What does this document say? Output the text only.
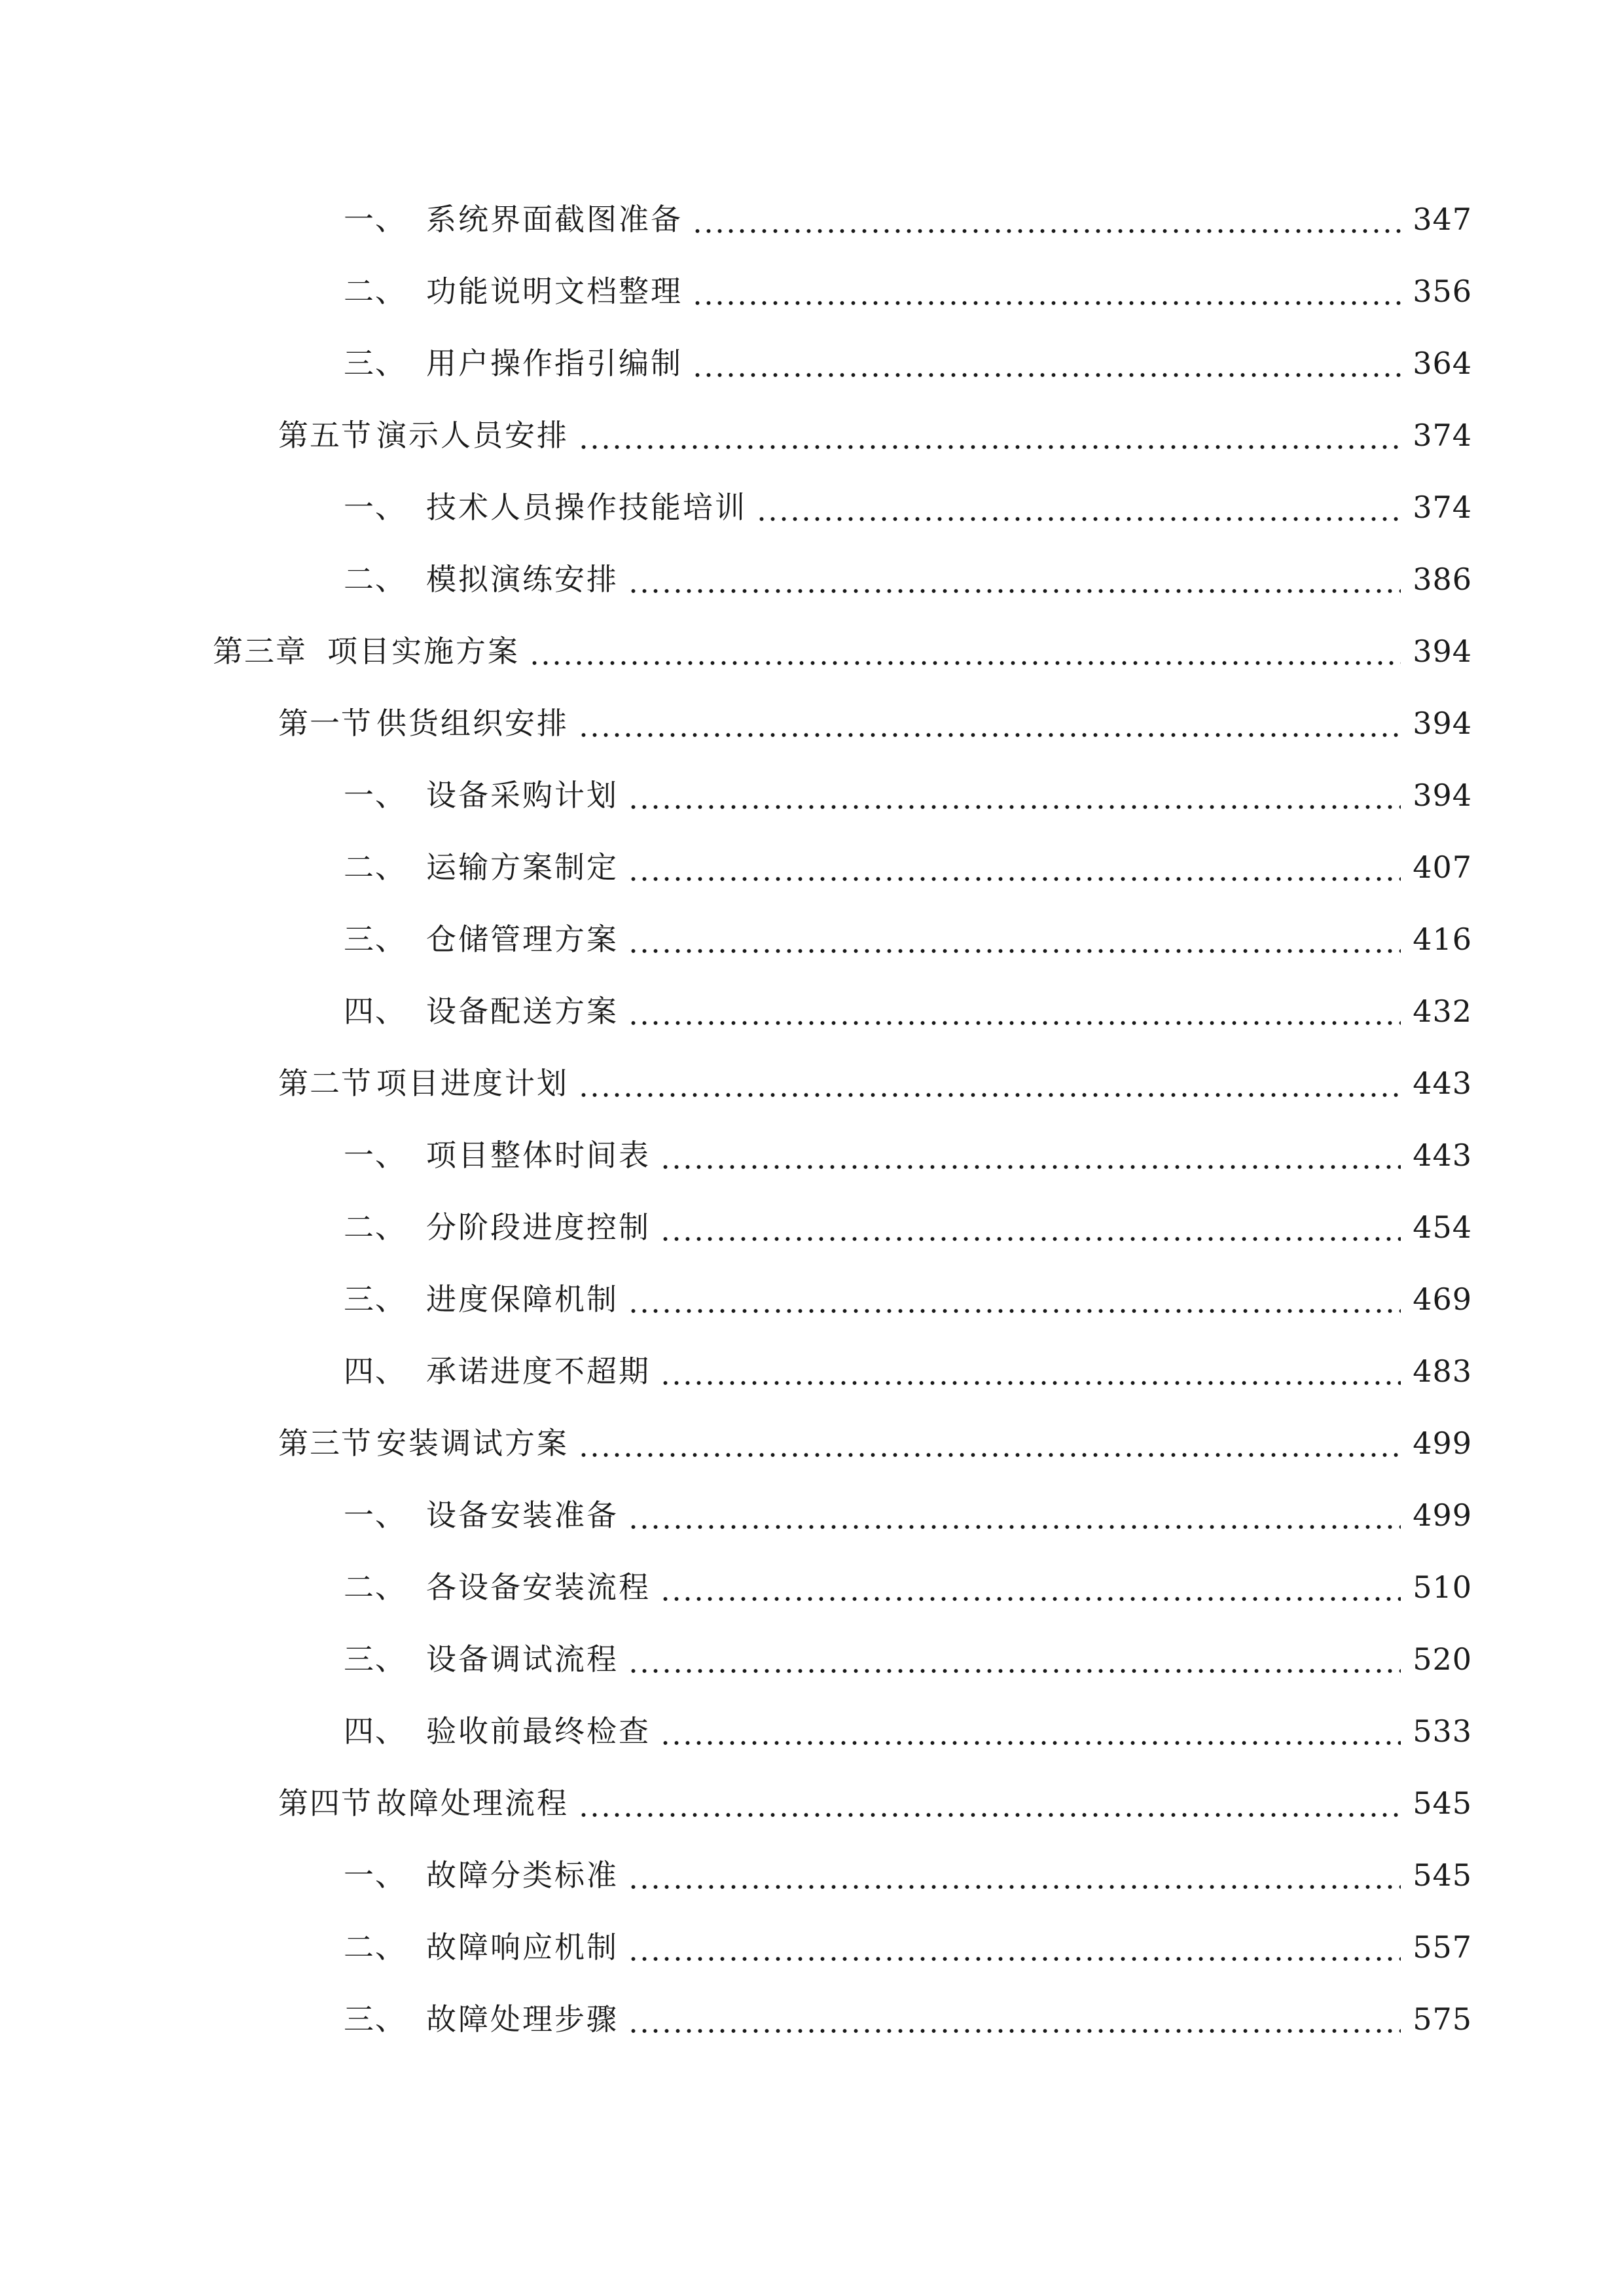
一、 系统界面截图准备	347
二、 功能说明文档整理	356
三、 用户操作指引编制	364
第五节 演示人员安排	374
一、 技术人员操作技能培训	374
二、 模拟演练安排	386
第三章 项目实施方案	394
第一节 供货组织安排	394
一、 设备采购计划	394
二、 运输方案制定	407
三、 仓储管理方案	416
四、 设备配送方案	432
第二节 项目进度计划	443
一、 项目整体时间表	443
二、 分阶段进度控制	454
三、 进度保障机制	469
四、 承诺进度不超期	483
第三节 安装调试方案	499
一、 设备安装准备	499
二、 各设备安装流程	510
三、 设备调试流程	520
四、 验收前最终检查	533
第四节 故障处理流程	545
一、 故障分类标准	545
二、 故障响应机制	557
三、 故障处理步骤	575
